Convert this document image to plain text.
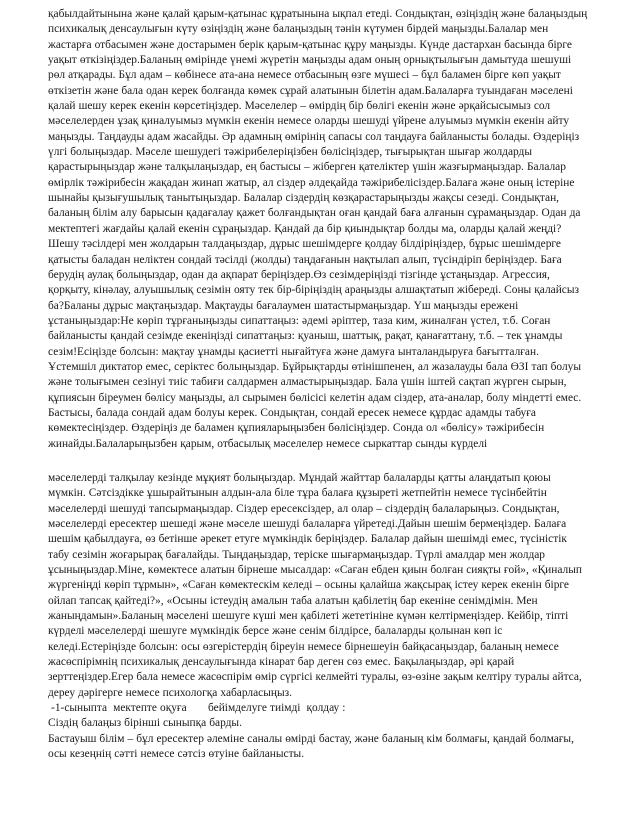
қабылдайтынына және қалай қарым-қатынас құратынына ықпал етеді. Сондықтан, өзіңіздің және балаңыздың психикалық денсаулығын күту өзіңіздің және балаңыздың тәнін күтумен бірдей маңызды.Балалар мен жастарға отбасымен және достарымен берік қарым-қатынас құру маңызды. Күнде дастархан басында бірге уақыт өткізіңіздер.Баланың өмірінде үнемі жүретін маңызды адам оның орнықтылығын дамытуда шешуші рөл атқарады. Бұл адам – көбінесе ата-ана немесе отбасының өзге мүшесі – бұл баламен бірге көп уақыт өткізетін және бала одан керек болғанда көмек сұрай алатынын білетін адам.Балаларға туындаған мәселені қалай шешу керек екенін көрсетіңіздер. Мәселелер – өмірдің бір бөлігі екенін және әрқайсысымыз сол мәселелерден ұзақ қиналуымыз мүмкін екенін немесе оларды шешуді үйрене алуымыз мүмкін екенін айту маңызды. Таңдауды адам жасайды. Әр адамның өмірінің сапасы сол таңдауға байланысты болады. Өздеріңіз үлгі болыңыздар. Мәселе шешудегі тәжірибелеріңізбен бөлісіңіздер, тығырықтан шығар жолдарды қарастырыңыздар және талқылаңыздар, ең бастысы – жіберген қателіктер үшін жазғырмаңыздар. Балалар өмірлік тәжірибесін жақадан жинап жатыр, ал сіздер әлдеқайда тәжірибелісіздер.Балаға және оның істеріне шынайы қызығушылық танытыңыздар. Балалар сіздердің көзқарастарыңызды жақсы сезеді. Сондықтан, баланың білім алу барысын қадағалау қажет болғандықтан оған қандай баға алғанын сұрамаңыздар. Одан да мектептегі жағдайы қалай екенін сұраңыздар. Қандай да бір қиындықтар болды ма, оларды қалай жеңді? Шешу тәсілдері мен жолдарын талдаңыздар, дұрыс шешімдерге қолдау білдіріңіздер, бұрыс шешімдерге қатысты баладан неліктен сондай тәсілді (жолды) таңдағанын нақтылап алып, түсіндіріп беріңіздер. Баға берудің аулақ болыңыздар, одан да ақпарат беріңіздер.Өз сезімдеріңізді тізгінде ұстаңыздар. Агрессия, қорқыту, кінәлау, алуышылық сезімін ояту тек бір-біріңіздің араңызды алшақтатып жібереді. Соны қалайсыз ба?Баланы дұрыс мақтаңыздар. Мақтауды бағалаумен шатастырмаңыздар. Үш маңызды ережені ұстаныңыздар:Не көріп тұрғаныңызды сипаттаңыз: әдемі әріптер, таза ким, жиналған үстел, т.б. Соған байланысты қандай сезімде екеніңізді сипаттаңыз: қуаныш, шаттық, рақат, қанағаттану, т.б. – тек ұнамды сезім!Есіңізде болсын: мақтау ұнамды қасиетті нығайтуға және дамуға ынталандыруға бағытталған. Ұстемшіл диктатор емес, серіктес болыңыздар. Бұйрықтарды өтінішпенен, ал жазалауды бала ӨЗІ тап болуы және толығымен сезінуі тиіс табиғи салдармен алмастырыңыздар. Бала үшін іштей сақтап жүрген сырын, құпиясын біреумен бөлісу маңызды, ал сырымен бөлісісі келетін адам сіздер, ата-аналар, болу міндетті емес. Бастысы, балада сондай адам болуы керек. Сондықтан, сондай ересек немесе құрдас адамды табуға көмектесіңіздер. Өздеріңіз де баламен құпияларыңызбен бөлісіңіздер. Сонда ол «бөлісу» тәжірибесін жинайды.Балаларыңызбен қарым, отбасылық мәселелер немесе сыркаттар сынды күрделі

мәселелерді талқылау кезінде мұқият болыңыздар. Мұндай жайттар балаларды қатты алаңдатып қоюы мүмкін. Сәтсіздікке ұшырайтынын алдын-ала біле тұра балаға құзыреті жетпейтін немесе түсінбейтін мәселелерді шешуді тапсырмаңыздар. Сіздер ересексіздер, ал олар – сіздердің балаларыңыз. Сондықтан, мәселелерді ересектер шешеді және мәселе шешуді балаларға үйретеді.Дайын шешім бермеңіздер. Балаға шешім қабылдауға, өз бетінше әрекет етуге мүмкіндік беріңіздер. Балалар дайын шешімді емес, түсіністік табу сезімін жоғарырақ бағалайды. Тыңдаңыздар, теріске шығармаңыздар. Түрлі амалдар мен жолдар ұсыныңыздар.Міне, көмектесе алатын бірнеше мысалдар: «Саған ебден қиын болған сияқты ғой», «Қиналып жүргеніңді көріп тұрмын», «Саған көмектескім келеді – осыны қалайша жақсырақ істеу керек екенін бірге ойлап тапсақ қайтеді?», «Осыны істеудің амалын таба алатын қабілетің бар екеніне сенімдімін. Мен жаныңдамын».Баланың мәселені шешуге күші мен қабілеті жететініне күмән келтірмеңіздер. Кейбір, тіпті күрделі мәселелерді шешуге мүмкіндік берсе және сенім білдірсе, балаларды қолынан көп іс келеді.Естеріңізде болсын: осы өзгерістердің біреуін немесе бірнешеуін байқасаңыздар, баланың немесе жасөспірімнің психикалық денсаулығында кінарат бар деген сөз емес. Бақылаңыздар, әрі қарай зерттеңіздер.Егер бала немесе жасөспірім өмір сүргісі келмейті туралы, өз-өзіне зақым келтіру туралы айтса, дереу дәрігерге немесе психологқа хабарласыңыз.

-1-сыныпта  мектепте оқуға       бейімделуге тиімді  қолдау :

Сіздің балаңыз бірінші сыныпқа барды.

Бастауыш білім – бұл ересектер әлеміне саналы өмірді бастау, және баланың кім болмағы, қандай болмағы, осы кезеңнің сәтті немесе сәтсіз өтуіне байланысты.
